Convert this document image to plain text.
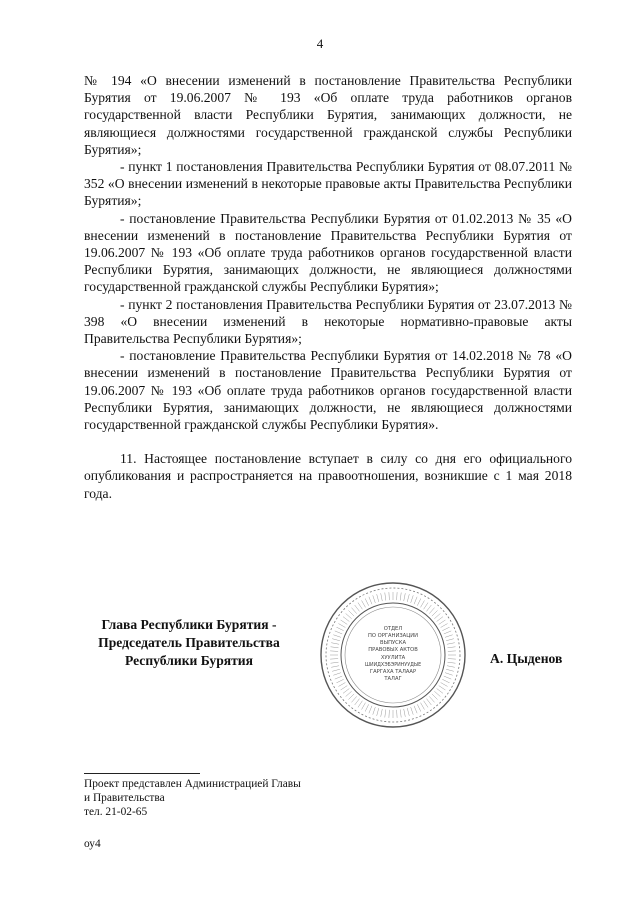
4

№ 194 «О внесении изменений в постановление Правительства Республики Бурятия от 19.06.2007 № 193 «Об оплате труда работников органов государственной власти Республики Бурятия, занимающих должности, не являющиеся должностями государственной гражданской службы Республики Бурятия»;

- пункт 1 постановления Правительства Республики Бурятия от 08.07.2011 № 352 «О внесении изменений в некоторые правовые акты Правительства Республики Бурятия»;

- постановление Правительства Республики Бурятия от 01.02.2013 № 35 «О внесении изменений в постановление Правительства Республики Бурятия от 19.06.2007 № 193 «Об оплате труда работников органов государственной власти Республики Бурятия, занимающих должности, не являющиеся должностями государственной гражданской службы Республики Бурятия»;

- пункт 2 постановления Правительства Республики Бурятия от 23.07.2013 № 398 «О внесении изменений в некоторые нормативно-правовые акты Правительства Республики Бурятия»;

- постановление Правительства Республики Бурятия от 14.02.2018 № 78 «О внесении изменений в постановление Правительства Республики Бурятия от 19.06.2007 № 193 «Об оплате труда работников органов государственной власти Республики Бурятия, занимающих должности, не являющиеся должностями государственной гражданской службы Республики Бурятия».

11. Настоящее постановление вступает в силу со дня его официального опубликования и распространяется на правоотношения, возникшие с 1 мая 2018 года.

Глава Республики Бурятия -
Председатель Правительства
Республики Бурятия
ОТДЕЛ
ПО ОРГАНИЗАЦИИ
ВЫПУСКА
ПРАВОВЫХ АКТОВ
ХУУЛИТА
ШИИДХЭБЭРИНУУДЫЕ
ГАРГАХА ТАЛААР
ТАЛАГ
А. Цыденов
Проект представлен Администрацией Главы
и Правительства
тел. 21-02-65
оу4
